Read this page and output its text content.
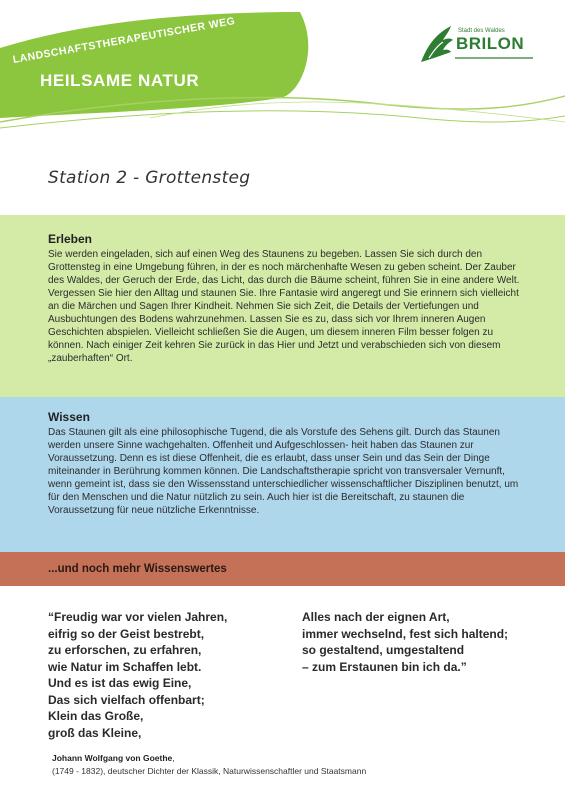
LANDSCHAFTSTHERAPEUTISCHER WEG
HEILSAME NATUR
Stadt des Waldes
BRILON
Station 2 - Grottensteg
Erleben

Sie werden eingeladen, sich auf einen Weg des Staunens zu begeben. Lassen Sie sich durch den Grottensteg in eine Umgebung führen, in der es noch märchenhafte Wesen zu geben scheint. Der Zauber des Waldes, der Geruch der Erde, das Licht, das durch die Bäume scheint, führen Sie in eine andere Welt. Vergessen Sie hier den Alltag und staunen Sie. Ihre Fantasie wird angeregt und Sie erinnern sich vielleicht an die Märchen und Sagen Ihrer Kindheit. Nehmen Sie sich Zeit, die Details der Vertiefungen und Ausbuchtungen des Bodens wahrzunehmen. Lassen Sie es zu, dass sich vor Ihrem inneren Augen Geschichten abspielen. Vielleicht schließen Sie die Augen, um diesem inneren Film besser folgen zu können. Nach einiger Zeit kehren Sie zurück in das Hier und Jetzt und verabschieden sich von diesem „zauberhaften“ Ort.

Wissen

Das Staunen gilt als eine philosophische Tugend, die als Vorstufe des Sehens gilt. Durch das Staunen werden unsere Sinne wachgehalten. Offenheit und Aufgeschlossen- heit haben das Staunen zur Voraussetzung. Denn es ist diese Offenheit, die es erlaubt, dass unser Sein und das Sein der Dinge miteinander in Berührung kommen können. Die Landschaftstherapie spricht von transversaler Vernunft, wenn gemeint ist, dass sie den Wissensstand unterschiedlicher wissenschaftlicher Disziplinen benutzt, um für den Menschen und die Natur nützlich zu sein. Auch hier ist die Bereitschaft, zu staunen die Voraussetzung für neue nützliche Erkenntnisse.

...und noch mehr Wissenswertes
“Freudig war vor vielen Jahren,
eifrig so der Geist bestrebt,
zu erforschen, zu erfahren,
wie Natur im Schaffen lebt.
Und es ist das ewig Eine,
Das sich vielfach offenbart;
Klein das Große,
groß das Kleine,
Alles nach der eignen Art,
immer wechselnd, fest sich haltend;
so gestaltend, umgestaltend
– zum Erstaunen bin ich da.”
Johann Wolfgang von Goethe,
(1749 - 1832), deutscher Dichter der Klassik, Naturwissenschaftler und Staatsmann
